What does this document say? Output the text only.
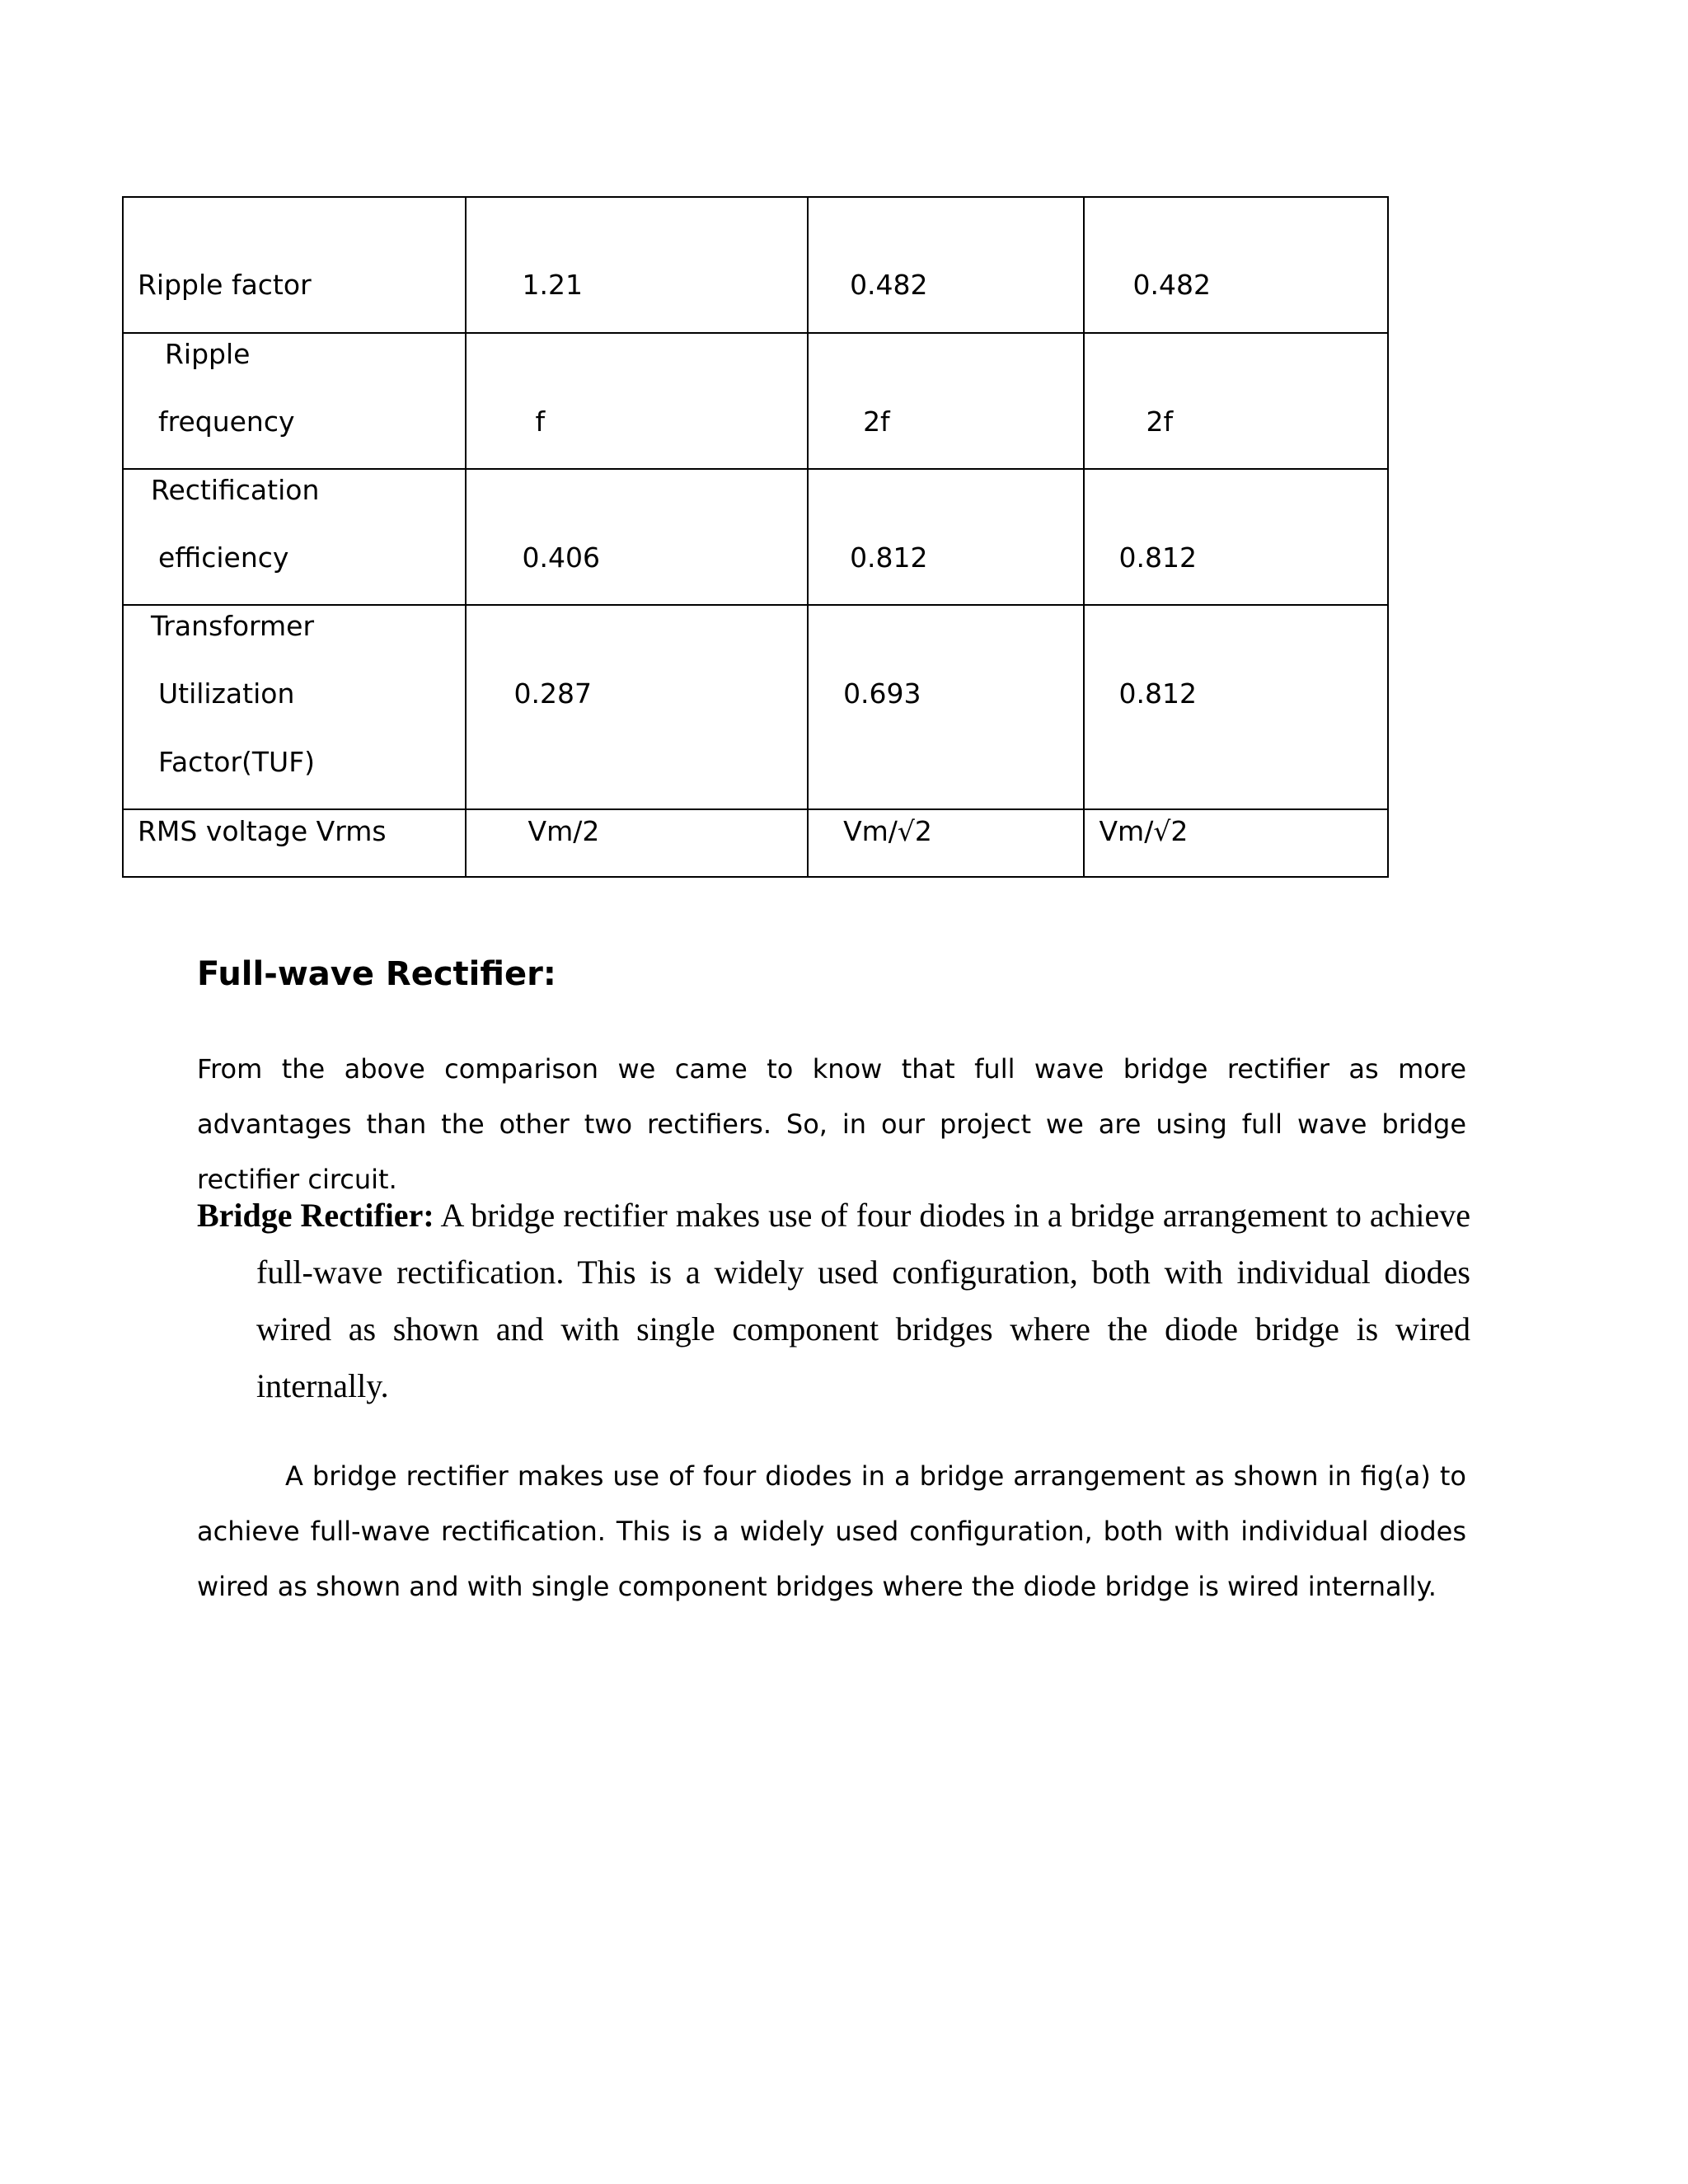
Ripple factor	1.21	0.482	0.482

Ripple
frequency	f	2f	2f

Rectification
efficiency	0.406	0.812	0.812

Transformer
Utilization
Factor(TUF)	0.287	0.693	0.812

RMS voltage Vrms	Vm/2	Vm/√2	Vm/√2
Full-wave Rectifier:

From the above comparison we came to know that full wave bridge rectifier as more advantages than the other two rectifiers. So, in our project we are using full wave bridge rectifier circuit.

Bridge Rectifier: A bridge rectifier makes use of four diodes in a bridge arrangement to achieve full-wave rectification. This is a widely used configuration, both with individual diodes wired as shown and with single component bridges where the diode bridge is wired internally.

A bridge rectifier makes use of four diodes in a bridge arrangement as shown in fig(a) to achieve full-wave rectification. This is a widely used configuration, both with individual diodes wired as shown and with single component bridges where the diode bridge is wired internally.
